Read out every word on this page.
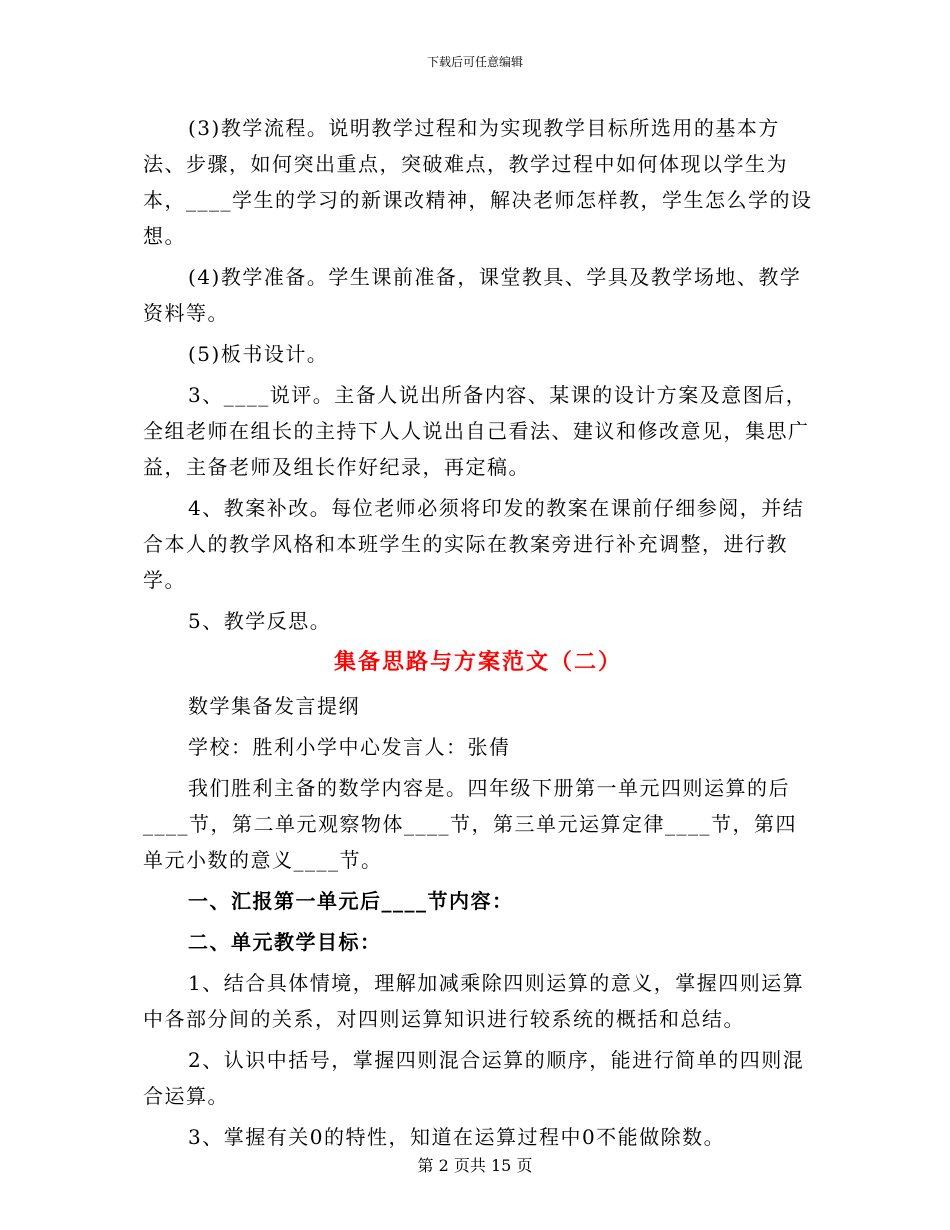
下载后可任意编辑

(3)教学流程。说明教学过程和为实现教学目标所选用的基本方法、步骤，如何突出重点，突破难点，教学过程中如何体现以学生为本，____学生的学习的新课改精神，解决老师怎样教，学生怎么学的设想。

(4)教学准备。学生课前准备，课堂教具、学具及教学场地、教学资料等。

(5)板书设计。

3、____说评。主备人说出所备内容、某课的设计方案及意图后，全组老师在组长的主持下人人说出自己看法、建议和修改意见，集思广益，主备老师及组长作好纪录，再定稿。

4、教案补改。每位老师必须将印发的教案在课前仔细参阅，并结合本人的教学风格和本班学生的实际在教案旁进行补充调整，进行教学。

5、教学反思。

集备思路与方案范文（二）

数学集备发言提纲

学校：胜利小学中心发言人：张倩

我们胜利主备的数学内容是。四年级下册第一单元四则运算的后____节，第二单元观察物体____节，第三单元运算定律____节，第四单元小数的意义____节。

一、汇报第一单元后____节内容：

二、单元教学目标：

1、结合具体情境，理解加减乘除四则运算的意义，掌握四则运算中各部分间的关系，对四则运算知识进行较系统的概括和总结。

2、认识中括号，掌握四则混合运算的顺序，能进行简单的四则混合运算。

3、掌握有关0的特性，知道在运算过程中0不能做除数。

第 2 页共 15 页
